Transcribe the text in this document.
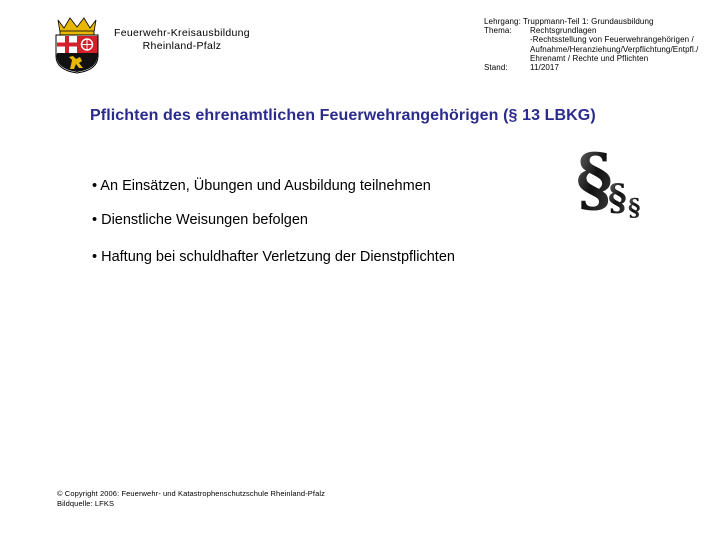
Feuerwehr-Kreisausbildung
Rheinland-Pfalz
Lehrgang: Truppmann-Teil 1: Grundausbildung
Thema:	Rechtsgrundlagen
-Rechtsstellung von Feuerwehrangehörigen /
Aufnahme/Heranziehung/Verpflichtung/Entpfl./
Ehrenamt / Rechte und Pflichten
Stand:	11/2017
Pflichten des ehrenamtlichen Feuerwehrangehörigen (§ 13 LBKG)
§
§ §
• An Einsätzen, Übungen und Ausbildung teilnehmen
• Dienstliche Weisungen befolgen
• Haftung bei schuldhafter Verletzung der Dienstpflichten
© Copyright 2006: Feuerwehr- und Katastrophenschutzschule Rheinland-Pfalz
Bildquelle: LFKS
